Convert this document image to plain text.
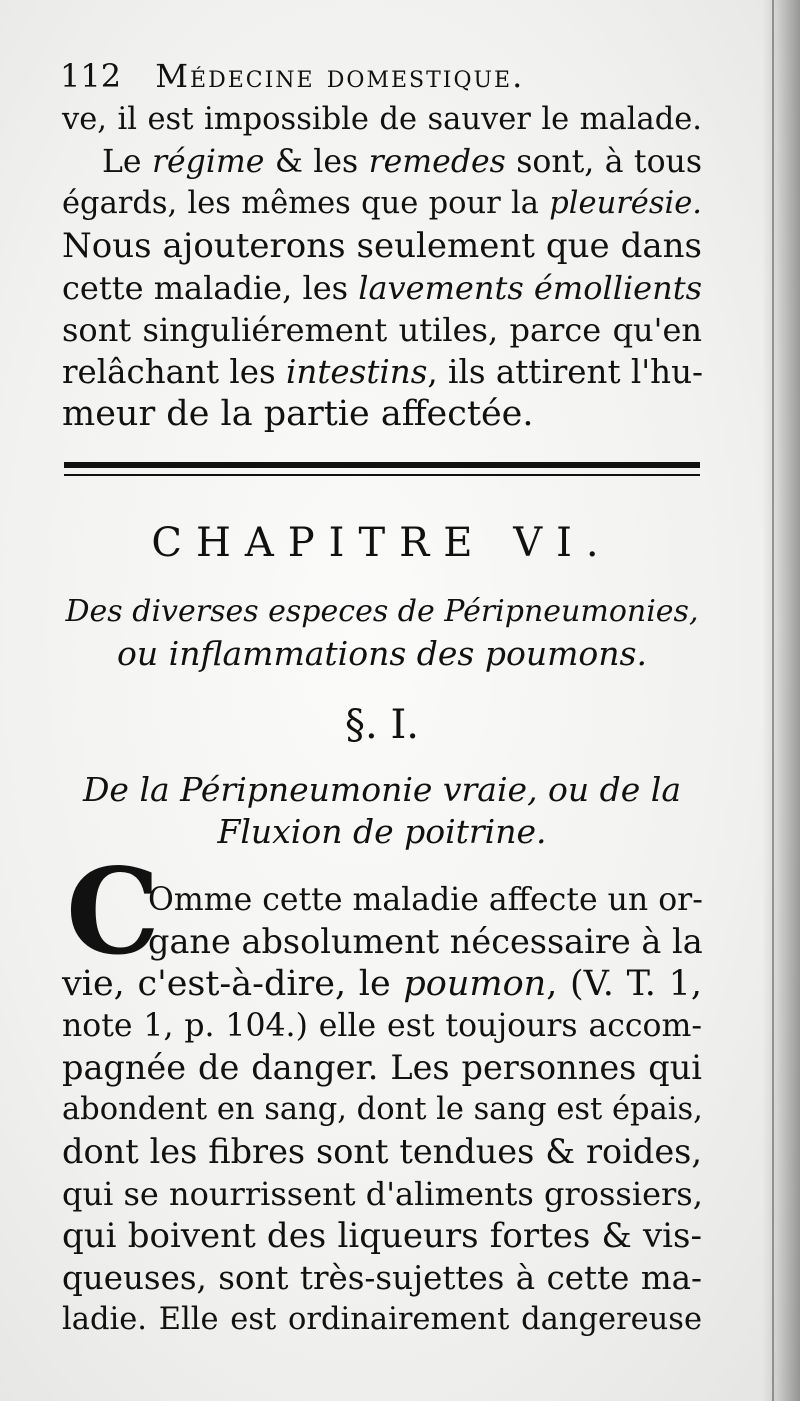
112 Médecine domestique.

ve, il est impossible de sauver le malade.

Le régime & les remedes sont, à tous

égards, les mêmes que pour la pleurésie.

Nous ajouterons seulement que dans

cette maladie, les lavements émollients

sont singuliérement utiles, parce qu'en

relâchant les intestins, ils attirent l'hu-

meur de la partie affectée.

CHAPITRE VI.
Des diverses especes de Péripneumonies,
ou inflammations des poumons.
§. I.
De la Péripneumonie vraie, ou de la
Fluxion de poitrine.
C

Omme cette maladie affecte un or-

gane absolument nécessaire à la

vie, c'est-à-dire, le poumon, (V. T. 1,

note 1, p. 104.) elle est toujours accom-

pagnée de danger. Les personnes qui

abondent en sang, dont le sang est épais,

dont les fibres sont tendues & roides,

qui se nourrissent d'aliments grossiers,

qui boivent des liqueurs fortes & vis-

queuses, sont très-sujettes à cette ma-

ladie. Elle est ordinairement dangereuse
